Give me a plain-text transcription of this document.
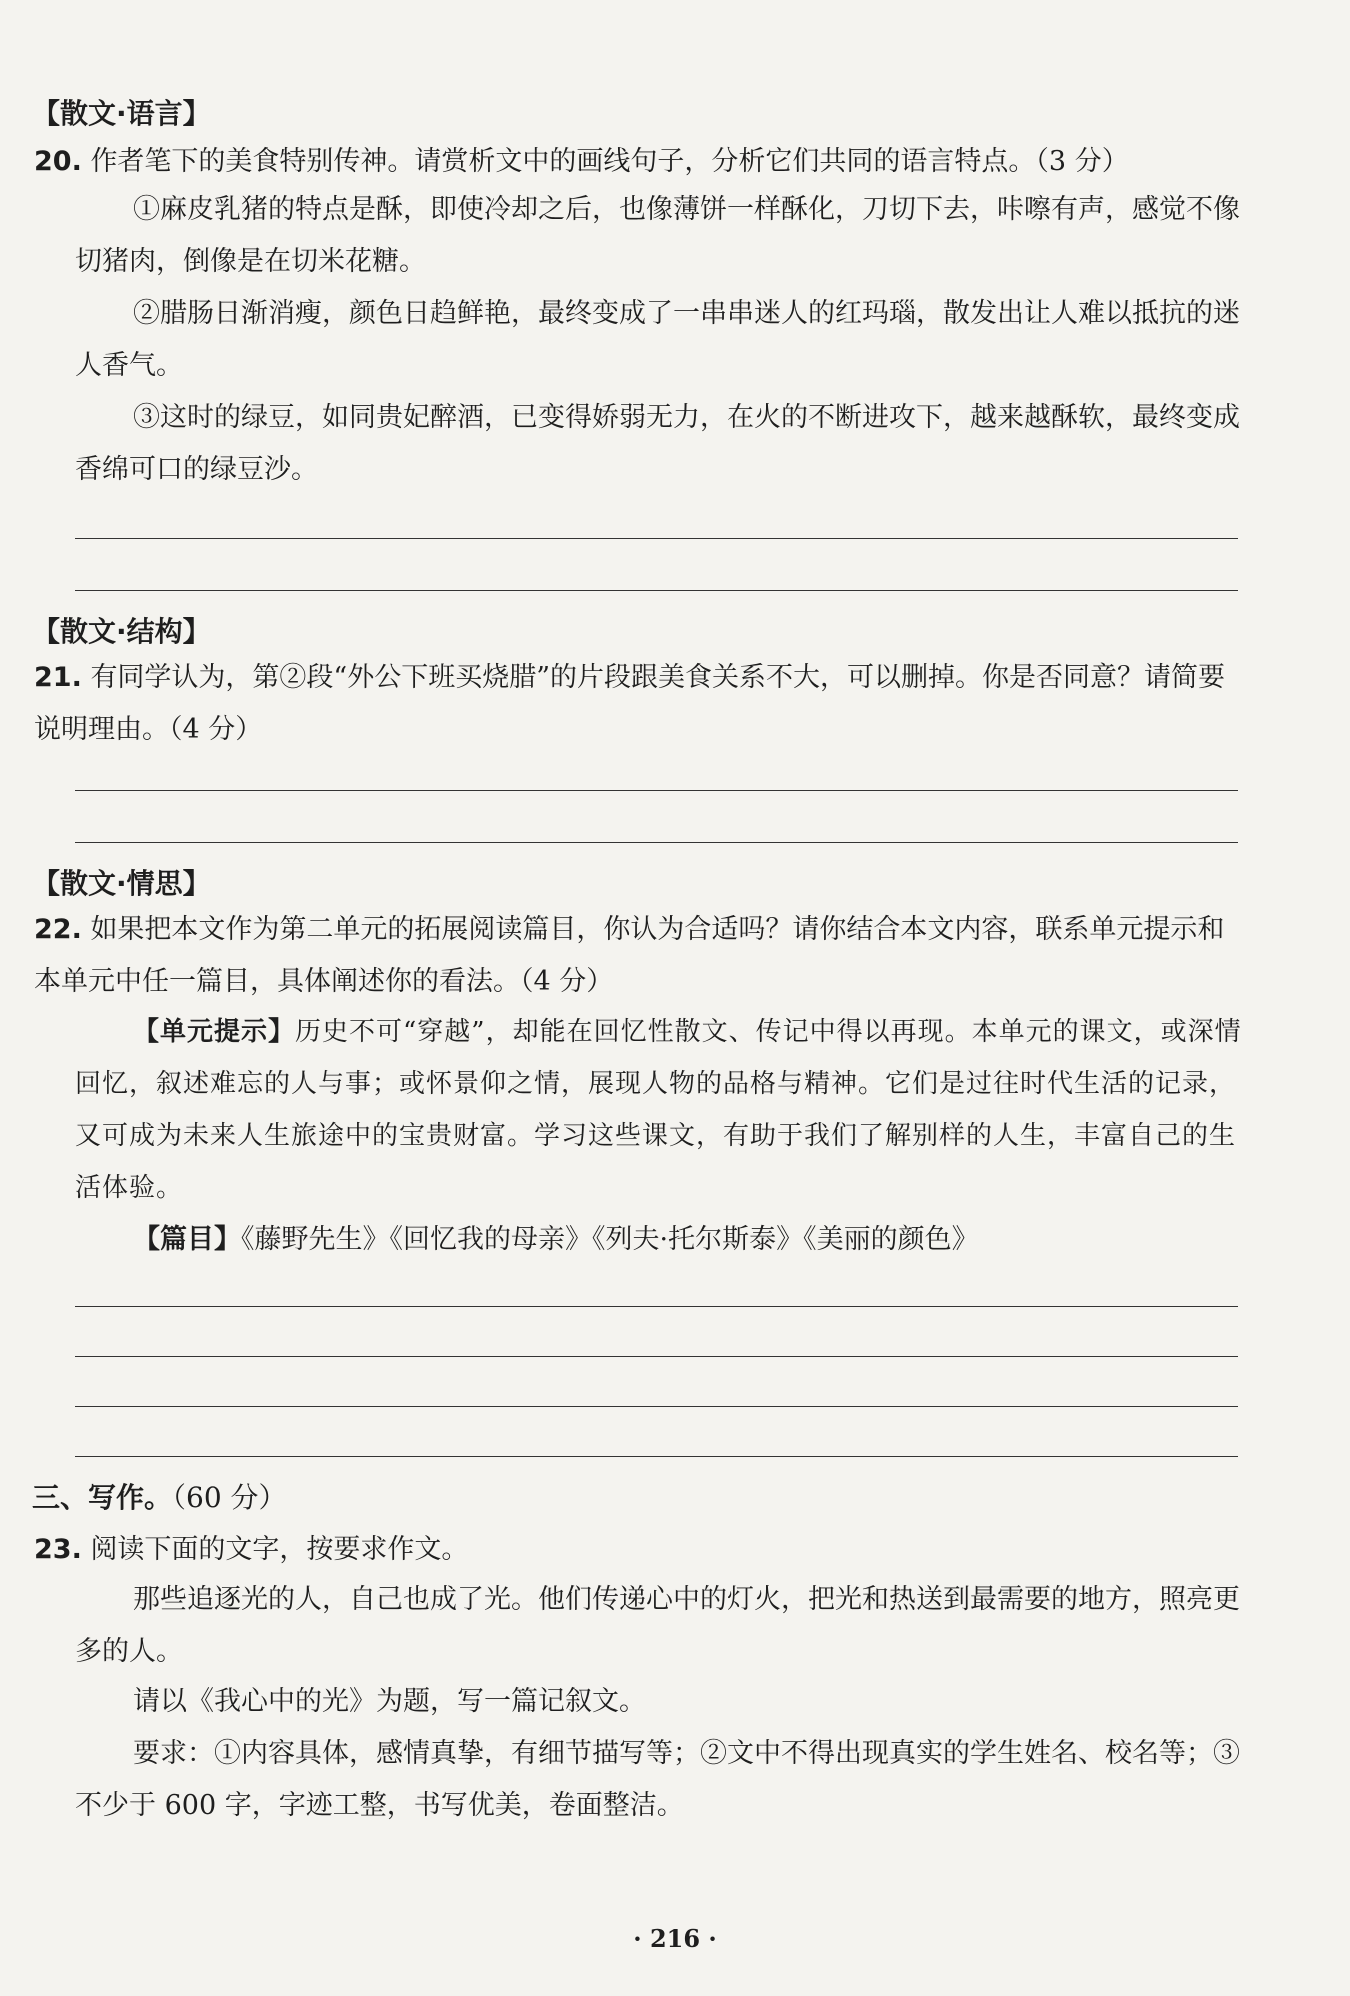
【散文·语言】
20. 作者笔下的美食特别传神。请赏析文中的画线句子，分析它们共同的语言特点。（3 分）
①麻皮乳猪的特点是酥，即使冷却之后，也像薄饼一样酥化，刀切下去，咔嚓有声，感觉不像切猪肉，倒像是在切米花糖。
②腊肠日渐消瘦，颜色日趋鲜艳，最终变成了一串串迷人的红玛瑙，散发出让人难以抵抗的迷人香气。
③这时的绿豆，如同贵妃醉酒，已变得娇弱无力，在火的不断进攻下，越来越酥软，最终变成香绵可口的绿豆沙。
【散文·结构】
21. 有同学认为，第②段“外公下班买烧腊”的片段跟美食关系不大，可以删掉。你是否同意？请简要说明理由。（4 分）
【散文·情思】
22. 如果把本文作为第二单元的拓展阅读篇目，你认为合适吗？请你结合本文内容，联系单元提示和本单元中任一篇目，具体阐述你的看法。（4 分）
【单元提示】历史不可“穿越”，却能在回忆性散文、传记中得以再现。本单元的课文，或深情回忆，叙述难忘的人与事；或怀景仰之情，展现人物的品格与精神。它们是过往时代生活的记录，又可成为未来人生旅途中的宝贵财富。学习这些课文，有助于我们了解别样的人生，丰富自己的生活体验。
【篇目】《藤野先生》《回忆我的母亲》《列夫·托尔斯泰》《美丽的颜色》
三、写作。（60 分）
23. 阅读下面的文字，按要求作文。
那些追逐光的人，自己也成了光。他们传递心中的灯火，把光和热送到最需要的地方，照亮更多的人。
请以《我心中的光》为题，写一篇记叙文。
要求：①内容具体，感情真挚，有细节描写等；②文中不得出现真实的学生姓名、校名等；③不少于 600 字，字迹工整，书写优美，卷面整洁。
· 216 ·
